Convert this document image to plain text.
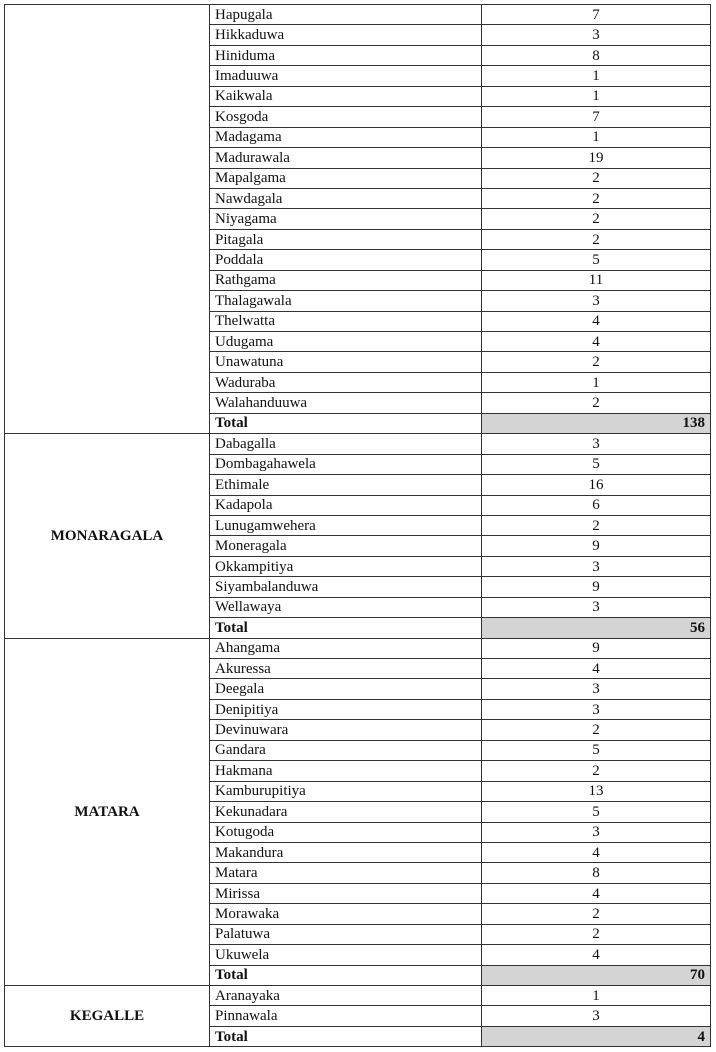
	Hapugala	7
	Hikkaduwa	3
	Hiniduma	8
	Imaduuwa	1
	Kaikwala	1
	Kosgoda	7
	Madagama	1
	Madurawala	19
	Mapalgama	2
	Nawdagala	2
	Niyagama	2
	Pitagala	2
	Poddala	5
	Rathgama	11
	Thalagawala	3
	Thelwatta	4
	Udugama	4
	Unawatuna	2
	Waduraba	1
	Walahanduuwa	2
	Total	138
MONARAGALA	Dabagalla	3
	Dombagahawela	5
	Ethimale	16
	Kadapola	6
	Lunugamwehera	2
	Moneragala	9
	Okkampitiya	3
	Siyambalanduwa	9
	Wellawaya	3
	Total	56
MATARA	Ahangama	9
	Akuressa	4
	Deegala	3
	Denipitiya	3
	Devinuwara	2
	Gandara	5
	Hakmana	2
	Kamburupitiya	13
	Kekunadara	5
	Kotugoda	3
	Makandura	4
	Matara	8
	Mirissa	4
	Morawaka	2
	Palatuwa	2
	Ukuwela	4
	Total	70
KEGALLE	Aranayaka	1
	Pinnawala	3
	Total	4
